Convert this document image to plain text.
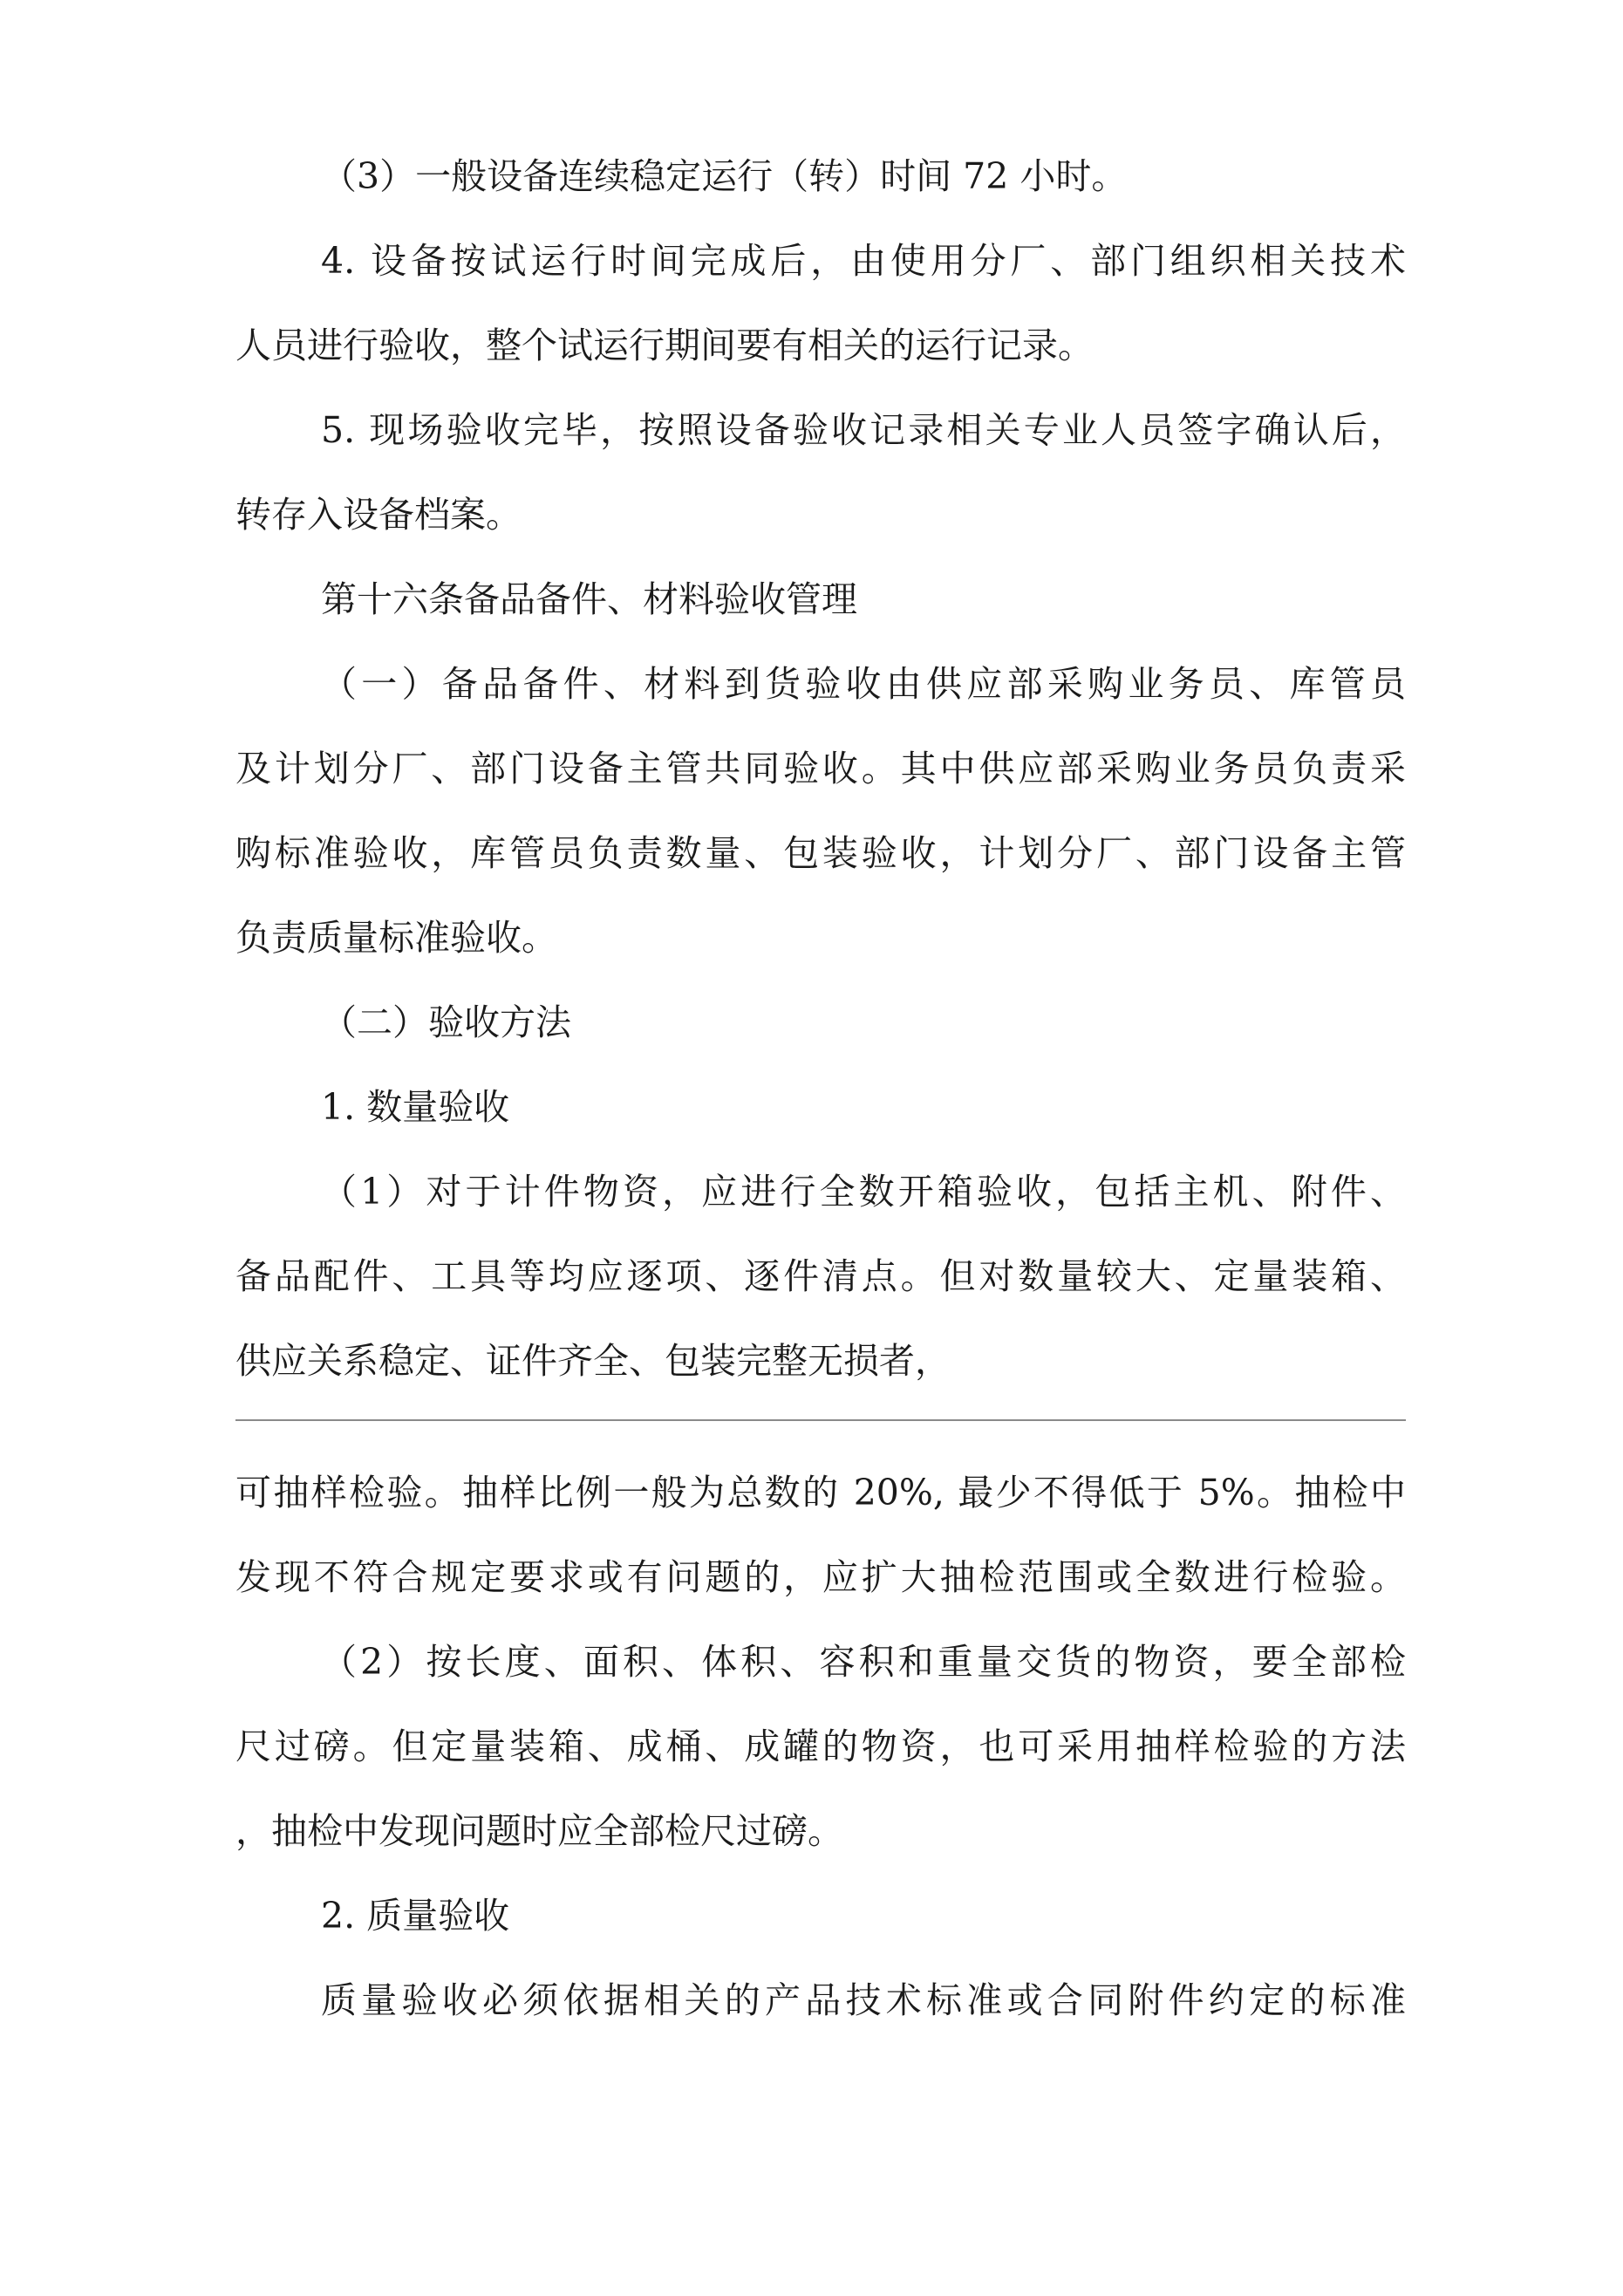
（3）一般设备连续稳定运行（转）时间 72 小时。
4. 设备按试运行时间完成后，由使用分厂、部门组织相关技术
人员进行验收，整个试运行期间要有相关的运行记录。
5. 现场验收完毕，按照设备验收记录相关专业人员签字确认后，
转存入设备档案。
第十六条备品备件、材料验收管理
（一）备品备件、材料到货验收由供应部采购业务员、库管员
及计划分厂、部门设备主管共同验收。其中供应部采购业务员负责采
购标准验收，库管员负责数量、包装验收，计划分厂、部门设备主管
负责质量标准验收。
（二）验收方法
1. 数量验收
（1）对于计件物资，应进行全数开箱验收，包括主机、附件、
备品配件、工具等均应逐项、逐件清点。但对数量较大、定量装箱、
供应关系稳定、证件齐全、包装完整无损者，
可抽样检验。抽样比例一般为总数的 20%, 最少不得低于 5%。抽检中
发现不符合规定要求或有问题的，应扩大抽检范围或全数进行检验。
（2）按长度、面积、体积、容积和重量交货的物资，要全部检
尺过磅。但定量装箱、成桶、成罐的物资，也可采用抽样检验的方法
，抽检中发现问题时应全部检尺过磅。
2. 质量验收
质量验收必须依据相关的产品技术标准或合同附件约定的标准
